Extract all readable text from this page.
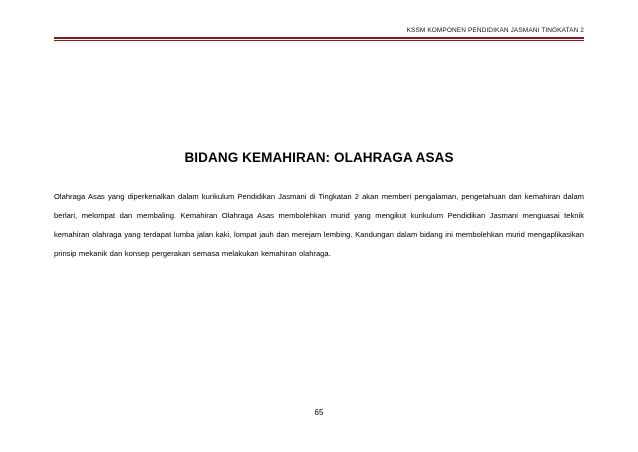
KSSM KOMPONEN PENDIDIKAN JASMANI TINGKATAN 2
BIDANG KEMAHIRAN: OLAHRAGA ASAS

Olahraga Asas yang diperkenalkan dalam kurikulum Pendidikan Jasmani di Tingkatan 2 akan memberi pengalaman, pengetahuan dan kemahiran dalam berlari, melompat dan membaling. Kemahiran Olahraga Asas membolehkan murid yang mengikut kurikulum Pendidikan Jasmani menguasai teknik kemahiran olahraga yang terdapat lumba jalan kaki, lompat jauh dan merejam lembing. Kandungan dalam bidang ini membolehkan murid mengaplikasikan prinsip mekanik dan konsep pergerakan semasa melakukan kemahiran olahraga.

65
